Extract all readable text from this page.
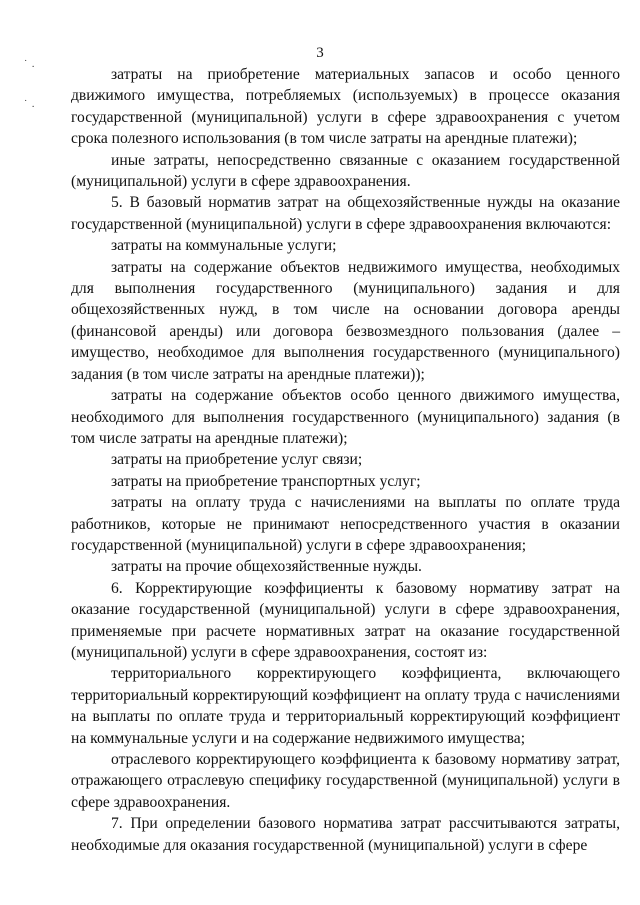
3
˙ .
˙ .

затраты на приобретение материальных запасов и особо ценного движимого имущества, потребляемых (используемых) в процессе оказания государственной (муниципальной) услуги в сфере здравоохранения с учетом срока полезного использования (в том числе затраты на арендные платежи);

иные затраты, непосредственно связанные с оказанием государственной (муниципальной) услуги в сфере здравоохранения.

5. В базовый норматив затрат на общехозяйственные нужды на оказание государственной (муниципальной) услуги в сфере здравоохранения включаются:

затраты на коммунальные услуги;

затраты на содержание объектов недвижимого имущества, необходимых для выполнения государственного (муниципального) задания и для общехозяйственных нужд, в том числе на основании договора аренды (финансовой аренды) или договора безвозмездного пользования (далее – имущество, необходимое для выполнения государственного (муниципального) задания (в том числе затраты на арендные платежи));

затраты на содержание объектов особо ценного движимого имущества, необходимого для выполнения государственного (муниципального) задания (в том числе затраты на арендные платежи);

затраты на приобретение услуг связи;

затраты на приобретение транспортных услуг;

затраты на оплату труда с начислениями на выплаты по оплате труда работников, которые не принимают непосредственного участия в оказании государственной (муниципальной) услуги в сфере здравоохранения;

затраты на прочие общехозяйственные нужды.

6. Корректирующие коэффициенты к базовому нормативу затрат на оказание государственной (муниципальной) услуги в сфере здравоохранения, применяемые при расчете нормативных затрат на оказание государственной (муниципальной) услуги в сфере здравоохранения, состоят из:

территориального корректирующего коэффициента, включающего территориальный корректирующий коэффициент на оплату труда с начислениями на выплаты по оплате труда и территориальный корректирующий коэффициент на коммунальные услуги и на содержание недвижимого имущества;

отраслевого корректирующего коэффициента к базовому нормативу затрат, отражающего отраслевую специфику государственной (муниципальной) услуги в сфере здравоохранения.

7. При определении базового норматива затрат рассчитываются затраты, необходимые для оказания государственной (муниципальной) услуги в сфере
